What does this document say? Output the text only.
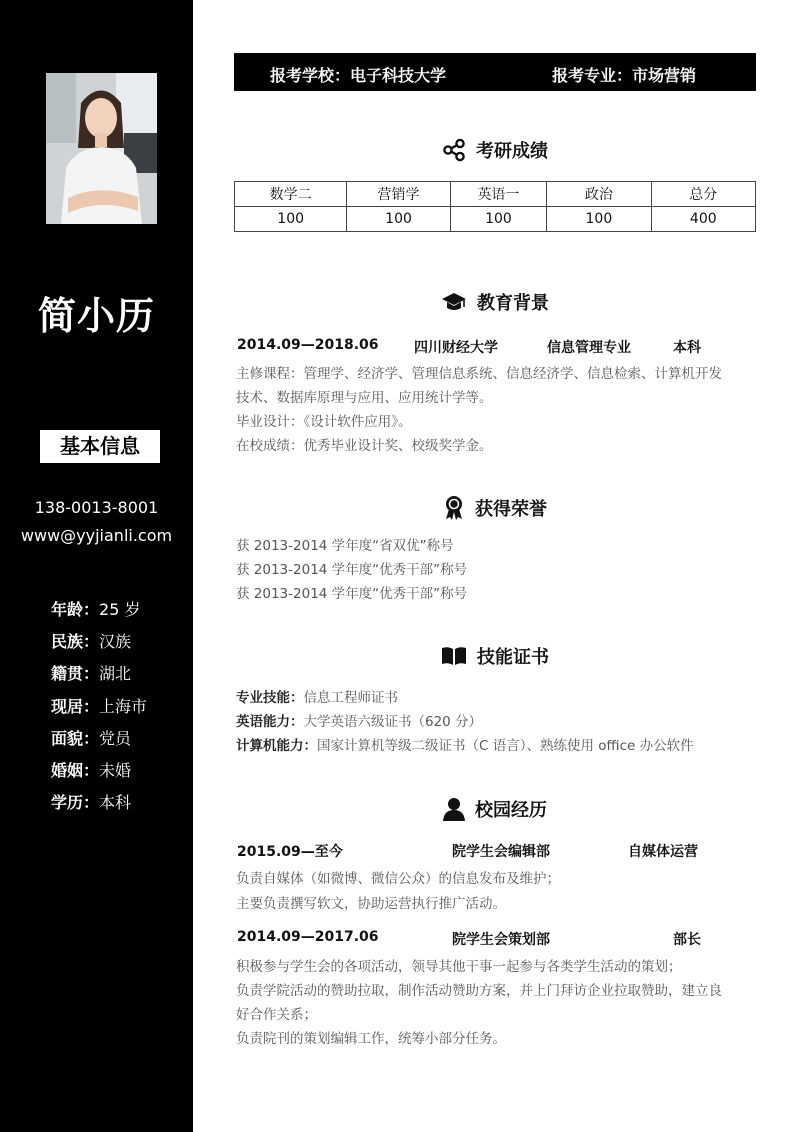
简小历
基本信息
138-0013-8001
www@yyjianli.com
年龄：25 岁
民族：汉族
籍贯：湖北
现居：上海市
面貌：党员
婚姻：未婚
学历：本科
报考学校：电子科技大学	报考专业：市场营销
考研成绩
数学二	营销学	英语一	政治	总分
100	100	100	100	400
教育背景
2014.09—2018.06	四川财经大学	信息管理专业	本科
主修课程：管理学、经济学、管理信息系统、信息经济学、信息检索、计算机开发
技术、数据库原理与应用、应用统计学等。
毕业设计：《设计软件应用》。
在校成绩：优秀毕业设计奖、校级奖学金。
获得荣誉
获 2013-2014 学年度“省双优”称号
获 2013-2014 学年度“优秀干部”称号
获 2013-2014 学年度“优秀干部”称号
技能证书
专业技能：信息工程师证书
英语能力：大学英语六级证书（620 分）
计算机能力：国家计算机等级二级证书（C 语言）、熟练使用 office 办公软件
校园经历
2015.09—至今	院学生会编辑部	自媒体运营
负责自媒体（如微博、微信公众）的信息发布及维护；
主要负责撰写软文，协助运营执行推广活动。
2014.09—2017.06	院学生会策划部	部长
积极参与学生会的各项活动，领导其他干事一起参与各类学生活动的策划；
负责学院活动的赞助拉取，制作活动赞助方案，并上门拜访企业拉取赞助，建立良
好合作关系；
负责院刊的策划编辑工作，统筹小部分任务。
